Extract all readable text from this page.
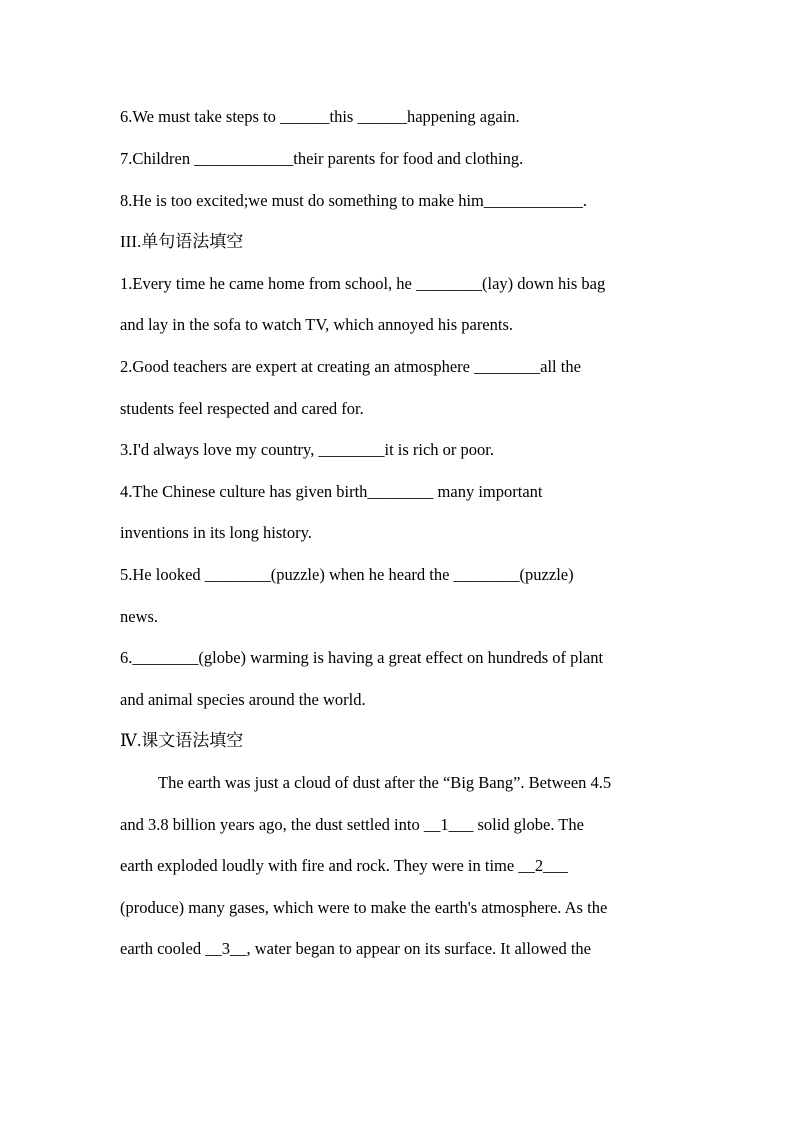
6.We must take steps to ______this ______happening again.
7.Children ____________their parents for food and clothing.
8.He is too excited;we must do something to make him____________.
III.单句语法填空
1.Every time he came home from school, he ________(lay) down his bag
and lay in the sofa to watch TV, which annoyed his parents.
2.Good teachers are expert at creating an atmosphere ________all the
students feel respected and cared for.
3.I'd always love my country, ________it is rich or poor.
4.The Chinese culture has given birth________ many important
inventions in its long history.
5.He looked ________(puzzle) when he heard the ________(puzzle)
news.
6.________(globe) warming is having a great effect on hundreds of plant
and animal species around the world.
Ⅳ.课文语法填空
The earth was just a cloud of dust after the “Big Bang”. Between 4.5
and 3.8 billion years ago, the dust settled into __1___ solid globe. The
earth exploded loudly with fire and rock. They were in time __2___
(produce) many gases, which were to make the earth's atmosphere. As the
earth cooled __3__, water began to appear on its surface. It allowed the
